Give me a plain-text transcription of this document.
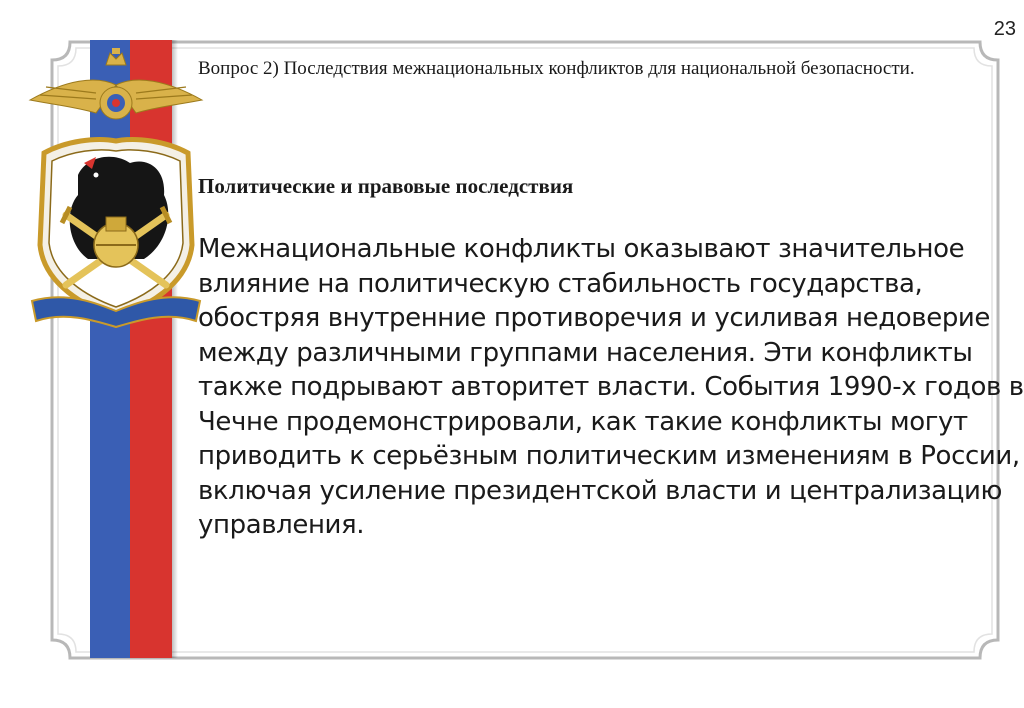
23
Вопрос 2) Последствия межнациональных конфликтов для национальной безопасности.
Политические и правовые последствия
Межнациональные конфликты оказывают значительное
влияние на политическую стабильность государства,
обостряя внутренние противоречия и усиливая недоверие
между различными группами населения. Эти конфликты
также подрывают авторитет власти. События 1990-х годов в
Чечне продемонстрировали, как такие конфликты могут
приводить к серьёзным политическим изменениям в России,
включая усиление президентской власти и централизацию
управления.
